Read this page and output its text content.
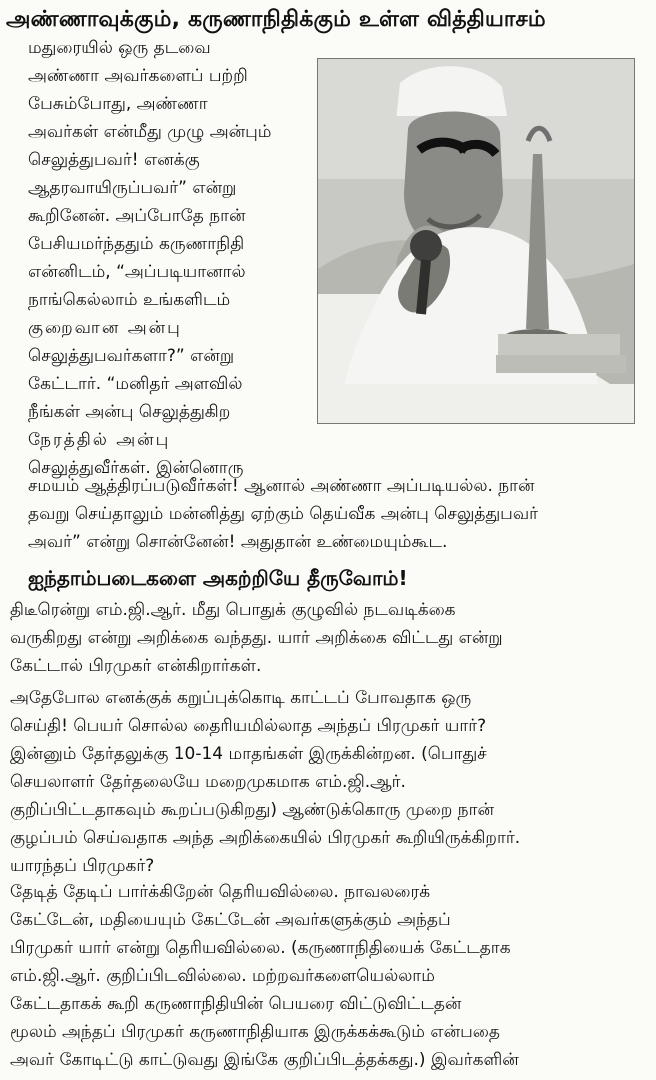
அண்ணாவுக்கும், கருணாநிதிக்கும் உள்ள வித்தியாசம்
மதுரையில் ஒரு தடவை
அண்ணா அவர்களைப் பற்றி
பேசும்போது, அண்ணா
அவர்கள் என்மீது முழு அன்பும்
செலுத்துபவர்! எனக்கு
ஆதரவாயிருப்பவர்” என்று
கூறினேன். அப்போதே நான்
பேசியமர்ந்ததும் கருணாநிதி
என்னிடம், “அப்படியானால்
நாங்கெல்லாம் உங்களிடம்
குறைவான அன்பு
செலுத்துபவர்களா?” என்று
கேட்டார். “மனிதர் அளவில்
நீங்கள் அன்பு செலுத்துகிற
நேரத்தில் அன்பு
செலுத்துவீர்கள். இன்னொரு
சமயம் ஆத்திரப்படுவீர்கள்! ஆனால் அண்ணா அப்படியல்ல. நான்
தவறு செய்தாலும் மன்னித்து ஏற்கும் தெய்வீக அன்பு செலுத்துபவர்
அவர்” என்று சொன்னேன்! அதுதான் உண்மையும்கூட.
ஐந்தாம்படைகளை அகற்றியே தீருவோம்!
திடீரென்று எம்.ஜி.ஆர். மீது பொதுக் குழுவில் நடவடிக்கை
வருகிறது என்று அறிக்கை வந்தது. யார் அறிக்கை விட்டது என்று
கேட்டால் பிரமுகர் என்கிறார்கள்.
அதேபோல எனக்குக் கறுப்புக்கொடி காட்டப் போவதாக ஒரு
செய்தி! பெயர் சொல்ல தைரியமில்லாத அந்தப் பிரமுகர் யார்?
இன்னும் தேர்தலுக்கு 10-14 மாதங்கள் இருக்கின்றன. (பொதுச்
செயலாளர் தேர்தலையே மறைமுகமாக எம்.ஜி.ஆர்.
குறிப்பிட்டதாகவும் கூறப்படுகிறது) ஆண்டுக்கொரு முறை நான்
குழப்பம் செய்வதாக அந்த அறிக்கையில் பிரமுகர் கூறியிருக்கிறார்.
யாரந்தப் பிரமுகர்?
தேடித் தேடிப் பார்க்கிறேன் தெரியவில்லை. நாவலரைக்
கேட்டேன், மதியையும் கேட்டேன் அவர்களுக்கும் அந்தப்
பிரமுகர் யார் என்று தெரியவில்லை. (கருணாநிதியைக் கேட்டதாக
எம்.ஜி.ஆர். குறிப்பிடவில்லை. மற்றவர்களையெல்லாம்
கேட்டதாகக் கூறி கருணாநிதியின் பெயரை விட்டுவிட்டதன்
மூலம் அந்தப் பிரமுகர் கருணாநிதியாக இருக்கக்கூடும் என்பதை
அவர் கோடிட்டு காட்டுவது இங்கே குறிப்பிடத்தக்கது.) இவர்களின்
